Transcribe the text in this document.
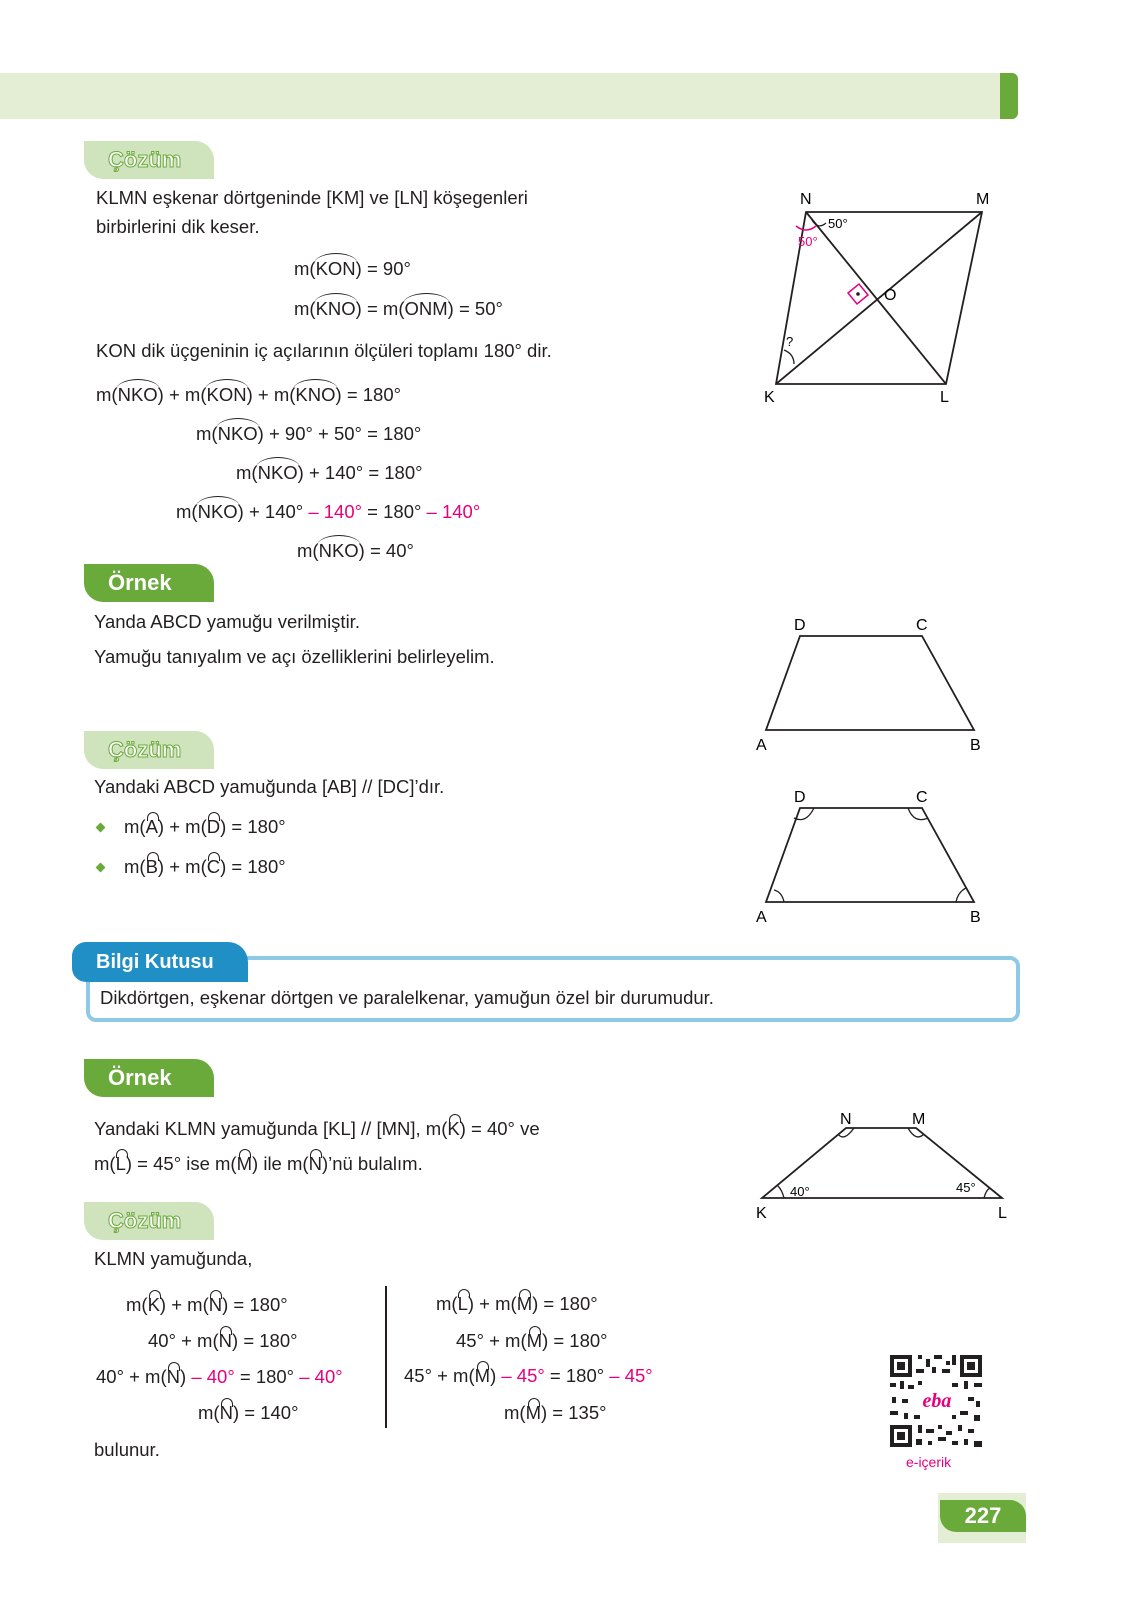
Çözüm
KLMN eşkenar dörtgeninde [KM] ve [LN] köşegenleri
birbirlerini dik keser.
m(KON) = 90°
m(KNO) = m(ONM) = 50°
KON dik üçgeninin iç açılarının ölçüleri toplamı 180° dir.
m(NKO) + m(KON) + m(KNO) = 180°
m(NKO) + 90° + 50° = 180°
m(NKO) + 140° = 180°
m(NKO) + 140° – 140° = 180° – 140°
m(NKO) = 40°
N	M
K	L
O
50°
50°
?
Örnek
Yanda ABCD yamuğu verilmiştir.
Yamuğu tanıyalım ve açı özelliklerini belirleyelim.
D	C
A	B
Çözüm
Yandaki ABCD yamuğunda [AB] // [DC]’dır.
m(A) + m(D) = 180°
m(B) + m(C) = 180°
D	C
A	B
Bilgi Kutusu
Dikdörtgen, eşkenar dörtgen ve paralelkenar, yamuğun özel bir durumudur.
Örnek
Yandaki KLMN yamuğunda [KL] // [MN], m(K) = 40° ve
m(L) = 45° ise m(M) ile m(N)’nü bulalım.
N	M
K	L
40°	45°
Çözüm
KLMN yamuğunda,
m(K) + m(N) = 180°
40° + m(N) = 180°
40° + m(N) – 40° = 180° – 40°
m(N) = 140°
m(L) + m(M) = 180°
45° + m(M) = 180°
45° + m(M) – 45° = 180° – 45°
m(M) = 135°
bulunur.
eba
e-içerik
227
